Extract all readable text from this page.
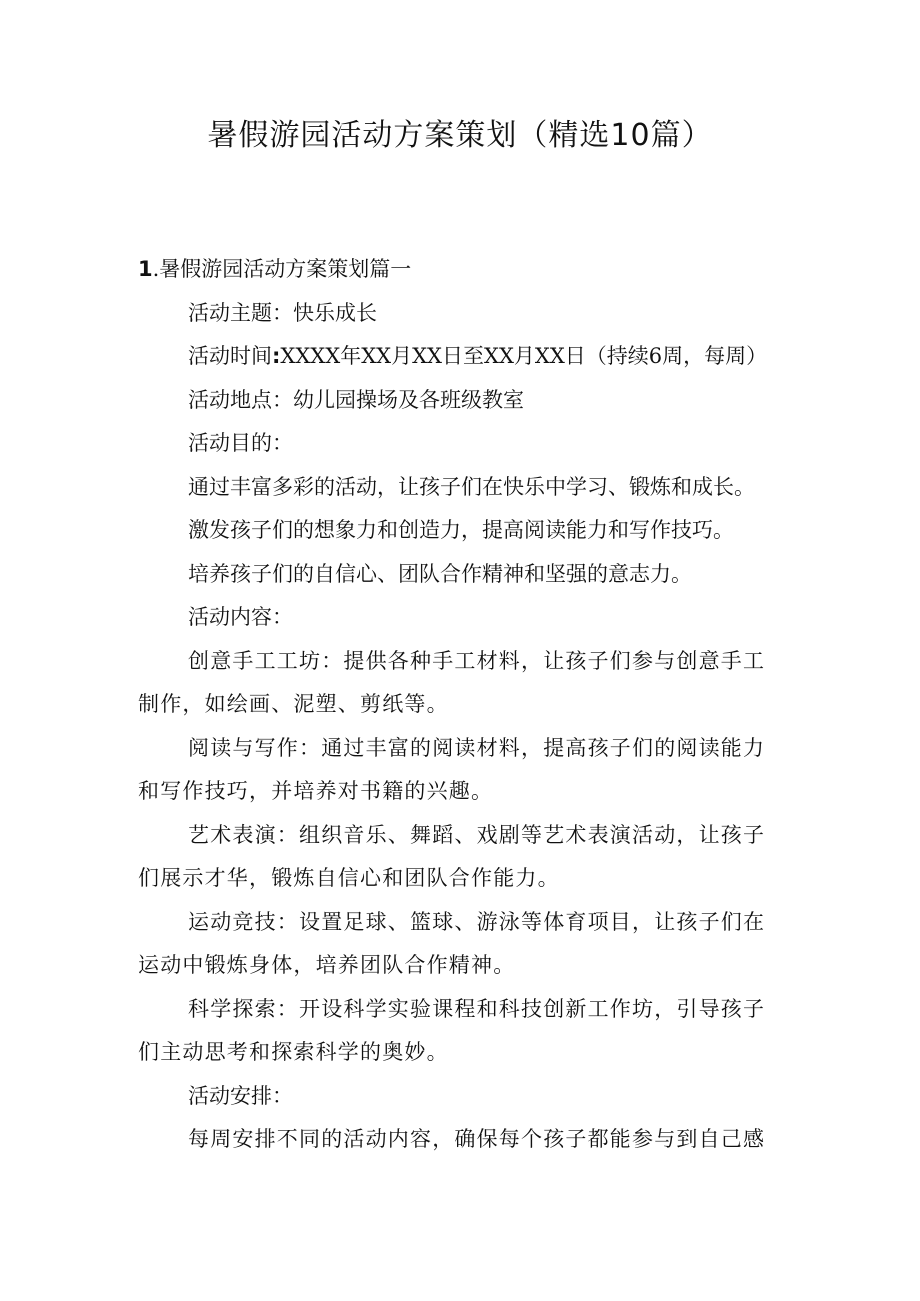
暑假游园活动方案策划（精选10篇）

1.暑假游园活动方案策划篇一

活动主题：快乐成长

活动时间:XXXX年XX月XX日至XX月XX日（持续6周，每周）

活动地点：幼儿园操场及各班级教室

活动目的：

通过丰富多彩的活动，让孩子们在快乐中学习、锻炼和成长。

激发孩子们的想象力和创造力，提高阅读能力和写作技巧。

培养孩子们的自信心、团队合作精神和坚强的意志力。

活动内容：

创意手工工坊：提供各种手工材料，让孩子们参与创意手工

制作，如绘画、泥塑、剪纸等。

阅读与写作：通过丰富的阅读材料，提高孩子们的阅读能力

和写作技巧，并培养对书籍的兴趣。

艺术表演：组织音乐、舞蹈、戏剧等艺术表演活动，让孩子

们展示才华，锻炼自信心和团队合作能力。

运动竞技：设置足球、篮球、游泳等体育项目，让孩子们在

运动中锻炼身体，培养团队合作精神。

科学探索：开设科学实验课程和科技创新工作坊，引导孩子

们主动思考和探索科学的奥妙。

活动安排：

每周安排不同的活动内容，确保每个孩子都能参与到自己感
